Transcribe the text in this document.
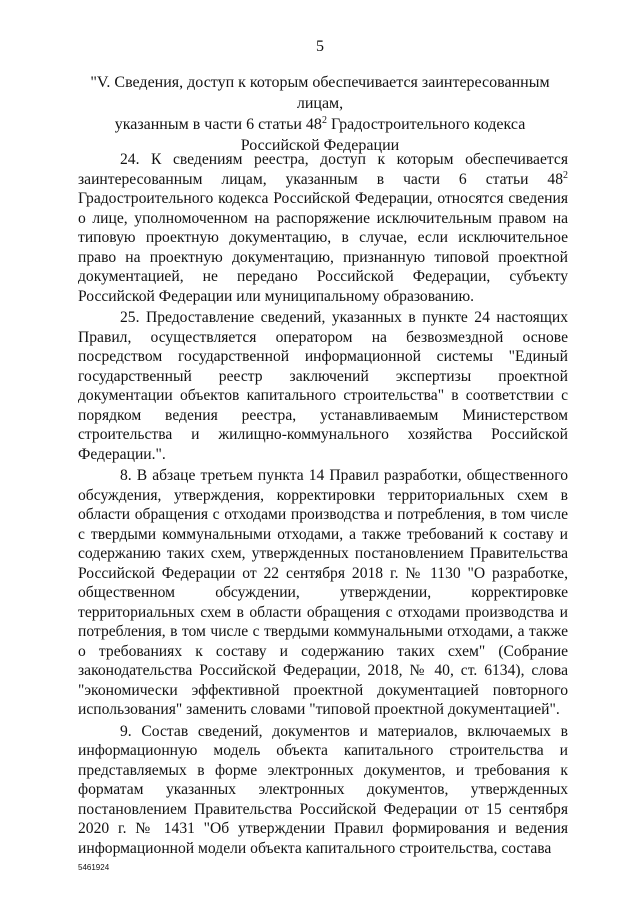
5
"V. Сведения, доступ к которым обеспечивается заинтересованным лицам,
указанным в части 6 статьи $48^2$ Градостроительного кодекса
Российской Федерации

24. К сведениям реестра, доступ к которым обеспечивается заинтересованным лицам, указанным в части 6 статьи $48^2$ Градостроительного кодекса Российской Федерации, относятся сведения о лице, уполномоченном на распоряжение исключительным правом на типовую проектную документацию, в случае, если исключительное право на проектную документацию, признанную типовой проектной документацией, не передано Российской Федерации, субъекту Российской Федерации или муниципальному образованию.

25. Предоставление сведений, указанных в пункте 24 настоящих Правил, осуществляется оператором на безвозмездной основе посредством государственной информационной системы "Единый государственный реестр заключений экспертизы проектной документации объектов капитального строительства" в соответствии с порядком ведения реестра, устанавливаемым Министерством строительства и жилищно-коммунального хозяйства Российской Федерации.".

8. В абзаце третьем пункта 14 Правил разработки, общественного обсуждения, утверждения, корректировки территориальных схем в области обращения с отходами производства и потребления, в том числе с твердыми коммунальными отходами, а также требований к составу и содержанию таких схем, утвержденных постановлением Правительства Российской Федерации от 22 сентября 2018 г. № 1130 "О разработке, общественном обсуждении, утверждении, корректировке территориальных схем в области обращения с отходами производства и потребления, в том числе с твердыми коммунальными отходами, а также о требованиях к составу и содержанию таких схем" (Собрание законодательства Российской Федерации, 2018, № 40, ст. 6134), слова "экономически эффективной проектной документацией повторного использования" заменить словами "типовой проектной документацией".

9. Состав сведений, документов и материалов, включаемых в информационную модель объекта капитального строительства и представляемых в форме электронных документов, и требования к форматам указанных электронных документов, утвержденных постановлением Правительства Российской Федерации от 15 сентября 2020 г. № 1431 "Об утверждении Правил формирования и ведения информационной модели объекта капитального строительства, состава

5461924
